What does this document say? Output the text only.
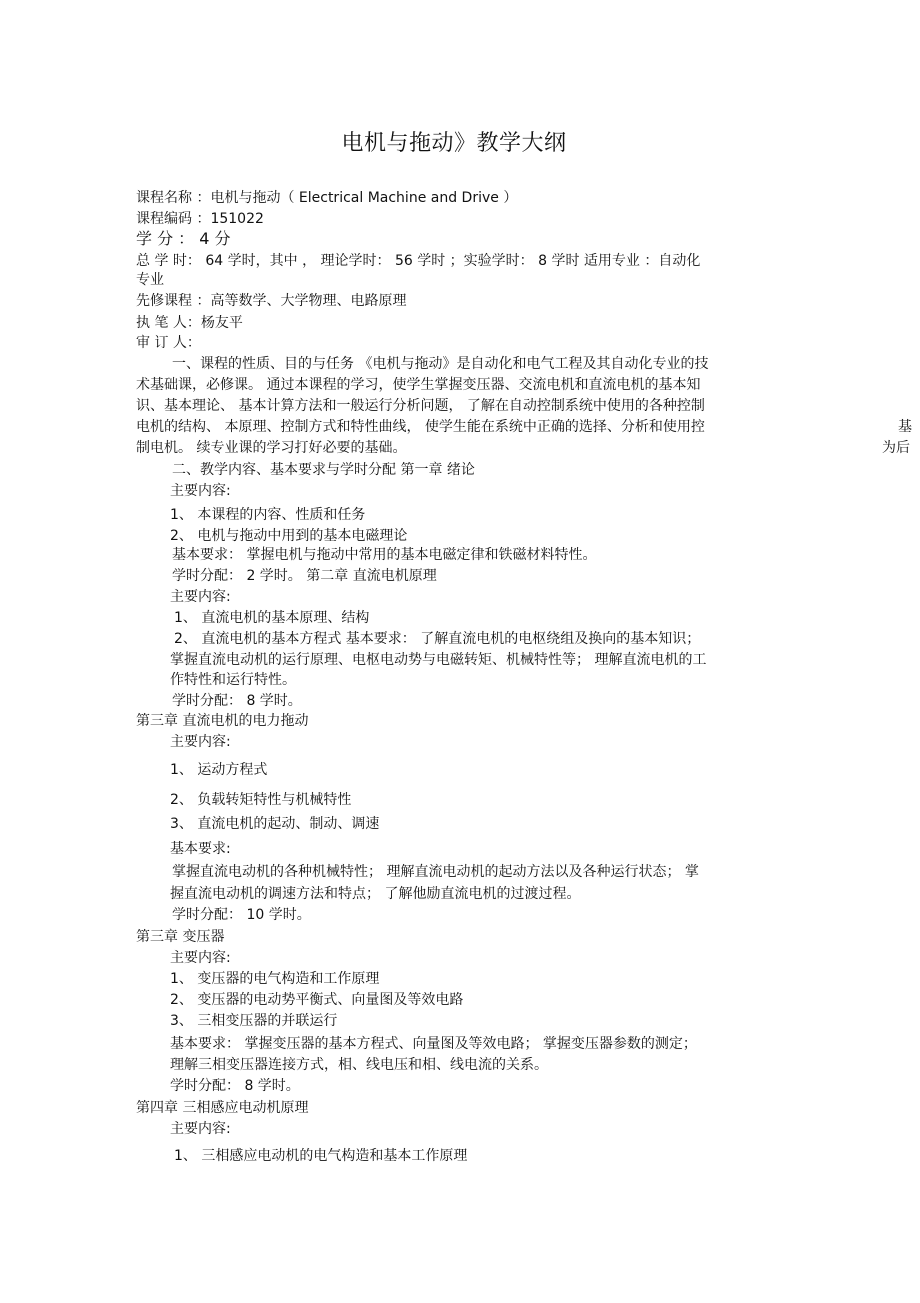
电机与拖动》教学大纲
课程名称 ：电机与拖动（ Electrical Machine and Drive ）
课程编码 ：151022
学 分 ： 4 分
总 学 时： 64 学时，其中 ， 理论学时： 56 学时 ；实验学时： 8 学时 适用专业 ：自动化
专业
先修课程 ：高等数学、大学物理、电路原理
执 笔 人：杨友平
审 订 人：
一、课程的性质、目的与任务 《电机与拖动》是自动化和电气工程及其自动化专业的技
术基础课，必修课。 通过本课程的学习，使学生掌握变压器、交流电机和直流电机的基本知
识、基本理论、 基本计算方法和一般运行分析问题， 了解在自动控制系统中使用的各种控制
电机的结构、 本原理、控制方式和特性曲线， 使学生能在系统中正确的选择、分析和使用控	基
制电机。 续专业课的学习打好必要的基础。	为后
二、教学内容、基本要求与学时分配 第一章 绪论
主要内容:
1、 本课程的内容、性质和任务
2、 电机与拖动中用到的基本电磁理论
基本要求： 掌握电机与拖动中常用的基本电磁定律和铁磁材料特性。
学时分配： 2 学时。 第二章 直流电机原理
主要内容:
1、 直流电机的基本原理、结构
2、 直流电机的基本方程式 基本要求： 了解直流电机的电枢绕组及换向的基本知识；
掌握直流电动机的运行原理、电枢电动势与电磁转矩、机械特性等； 理解直流电机的工
作特性和运行特性。
学时分配： 8 学时。
第三章 直流电机的电力拖动
主要内容:
1、 运动方程式
2、 负载转矩特性与机械特性
3、 直流电机的起动、制动、调速
基本要求:
掌握直流电动机的各种机械特性； 理解直流电动机的起动方法以及各种运行状态； 掌
握直流电动机的调速方法和特点； 了解他励直流电机的过渡过程。
学时分配： 10 学时。
第三章 变压器
主要内容:
1、 变压器的电气构造和工作原理
2、 变压器的电动势平衡式、向量图及等效电路
3、 三相变压器的并联运行
基本要求： 掌握变压器的基本方程式、向量图及等效电路； 掌握变压器参数的测定；
理解三相变压器连接方式，相、线电压和相、线电流的关系。
学时分配： 8 学时。
第四章 三相感应电动机原理
主要内容:
1、 三相感应电动机的电气构造和基本工作原理
